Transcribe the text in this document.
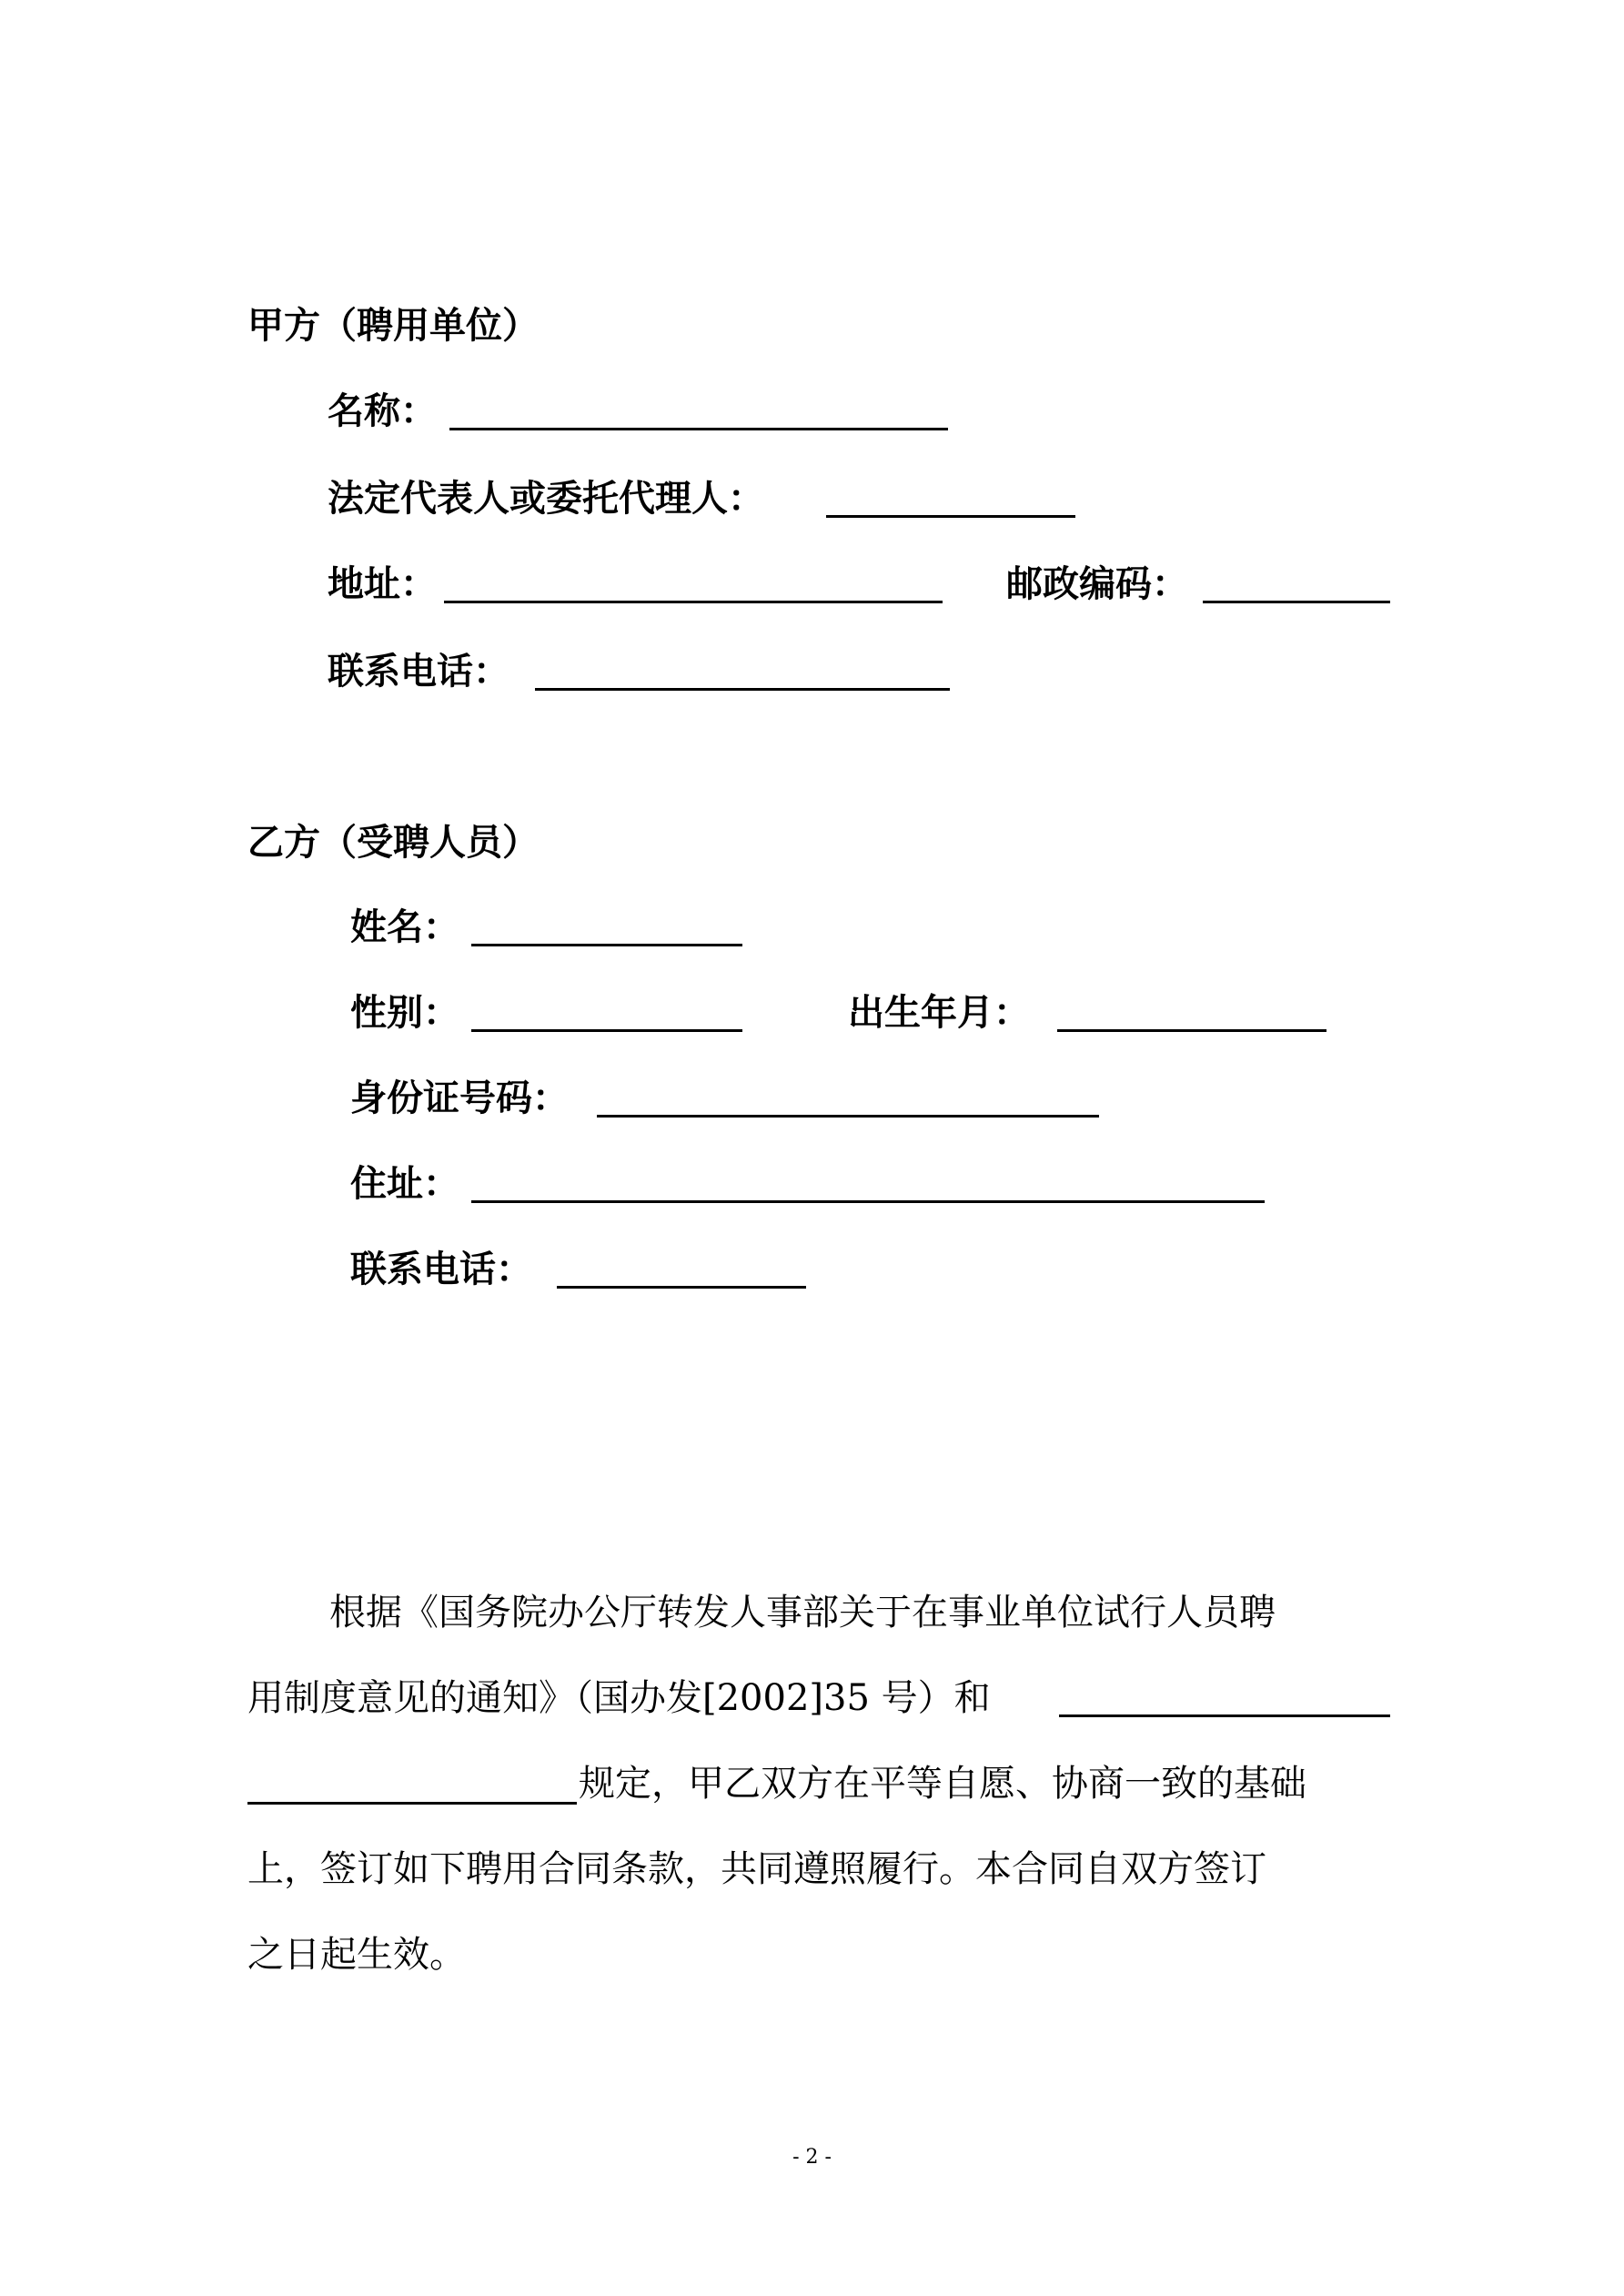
甲方（聘用单位）
名称：
法定代表人或委托代理人：
地址：	邮政编码：
联系电话：
乙方（受聘人员）
姓名：
性别：	出生年月：
身份证号码：
住址：
联系电话：
根据《国务院办公厅转发人事部关于在事业单位试行人员聘
用制度意见的通知》（国办发[2002]35 号）和
规定，甲乙双方在平等自愿、协商一致的基础
上，签订如下聘用合同条款，共同遵照履行。本合同自双方签订
之日起生效。
- 2 -
